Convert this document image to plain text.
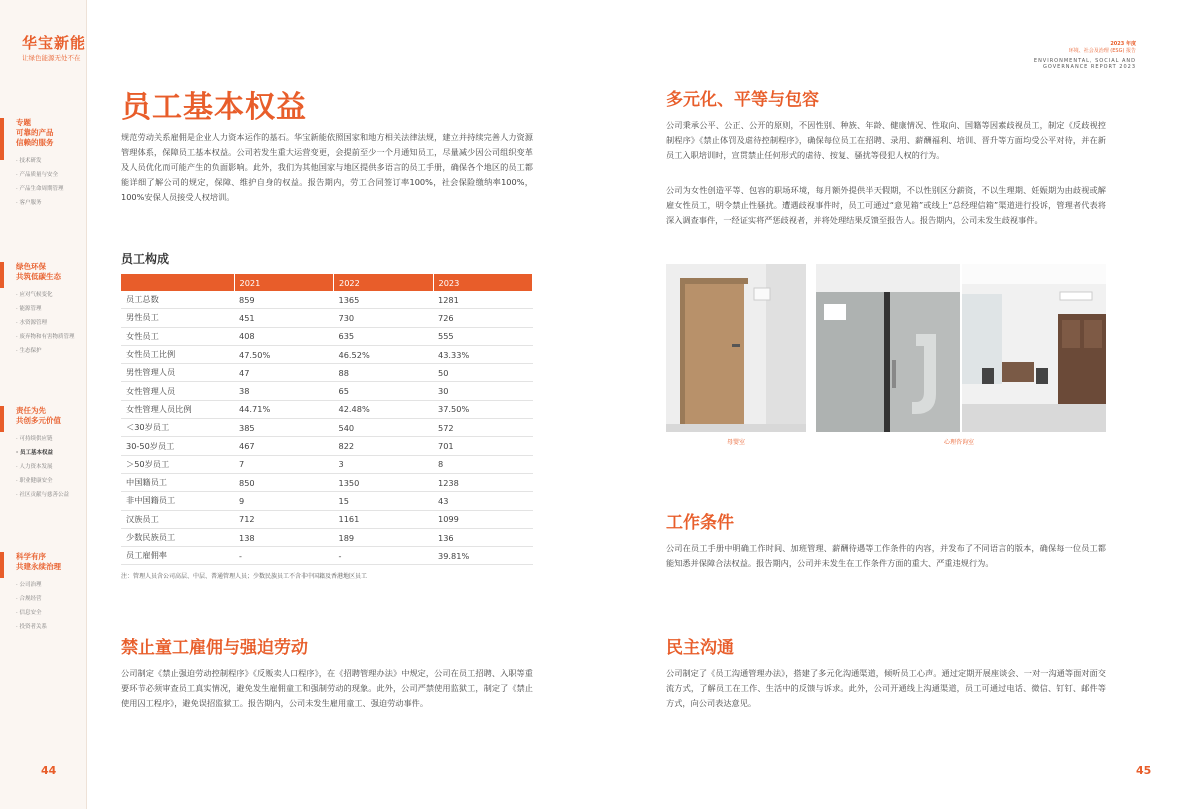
华宝新能
让绿色能源无处不在
专题
可靠的产品
信赖的服务
· 技术研发
· 产品质量与安全
· 产品生命周期管理
· 客户服务
绿色环保
共筑低碳生态
· 应对气候变化
· 能源管理
· 水资源管理
· 废弃物和有害物质管理
· 生态保护
责任为先
共创多元价值
· 可持续供应链
· 员工基本权益
· 人力资本发展
· 职业健康安全
· 社区贡献与慈善公益
科学有序
共建永续治理
· 公司治理
· 合规经营
· 信息安全
· 投资者关系
员工基本权益
规范劳动关系雇佣是企业人力资本运作的基石。华宝新能依照国家和地方相关法律法规，建立并持续完善人力资源管理体系，保障员工基本权益。公司若发生重大运营变更，会提前至少一个月通知员工，尽量减少因公司组织变革及人员优化而可能产生的负面影响。此外，我们为其他国家与地区提供多语言的员工手册，确保各个地区的员工都能详细了解公司的规定，保障、维护自身的权益。报告期内，劳工合同签订率100%，社会保险缴纳率100%，100%安保人员接受人权培训。
员工构成
	2021	2022	2023
员工总数	859	1365	1281
男性员工	451	730	726
女性员工	408	635	555
女性员工比例	47.50%	46.52%	43.33%
男性管理人员	47	88	50
女性管理人员	38	65	30
女性管理人员比例	44.71%	42.48%	37.50%
＜30岁员工	385	540	572
30-50岁员工	467	822	701
＞50岁员工	7	3	8
中国籍员工	850	1350	1238
非中国籍员工	9	15	43
汉族员工	712	1161	1099
少数民族员工	138	189	136
员工雇佣率	-	-	39.81%
注：管理人员含公司高层、中层、普通管理人员；少数民族员工不含非中国籍及香港地区员工
禁止童工雇佣与强迫劳动
公司制定《禁止强迫劳动控制程序》《反贩卖人口程序》，在《招聘管理办法》中规定，公司在员工招聘、入职等重要环节必须审查员工真实情况，避免发生雇佣童工和强制劳动的现象。此外，公司严禁使用监狱工，制定了《禁止使用囚工程序》，避免误招监狱工。报告期内，公司未发生雇用童工、强迫劳动事件。
44
2023 年度
环境、社会及治理 (ESG) 报告
ENVIRONMENTAL, SOCIAL AND
GOVERNANCE REPORT 2023
多元化、平等与包容
公司秉承公平、公正、公开的原则，不因性别、种族、年龄、健康情况、性取向、国籍等因素歧视员工，制定《反歧视控制程序》《禁止体罚及虐待控制程序》，确保每位员工在招聘、录用、薪酬福利、培训、晋升等方面均受公平对待，并在新员工入职培训时，宣贯禁止任何形式的虐待、按复、骚扰等侵犯人权的行为。
公司为女性创造平等、包容的职场环境，每月额外提供半天假期，不以性别区分薪资，不以生理期、妊娠期为由歧视或解雇女性员工，明令禁止性骚扰。遭遇歧视事件时，员工可通过“意见箱”或线上“总经理信箱”渠道进行投诉，管理者代表将深入调查事件，一经证实将严惩歧视者，并将处理结果反馈至报告人。报告期内，公司未发生歧视事件。
母婴室	心理咨询室
工作条件
公司在员工手册中明确工作时间、加班管理、薪酬待遇等工作条件的内容，并发布了不同语言的版本，确保每一位员工都能知悉并保障合法权益。报告期内，公司并未发生在工作条件方面的重大、严重违规行为。
民主沟通
公司制定了《员工沟通管理办法》，搭建了多元化沟通渠道，倾听员工心声。通过定期开展座谈会、一对一沟通等面对面交流方式，了解员工在工作、生活中的反馈与诉求。此外，公司开通线上沟通渠道，员工可通过电话、微信、钉钉、邮件等方式，向公司表达意见。
45
